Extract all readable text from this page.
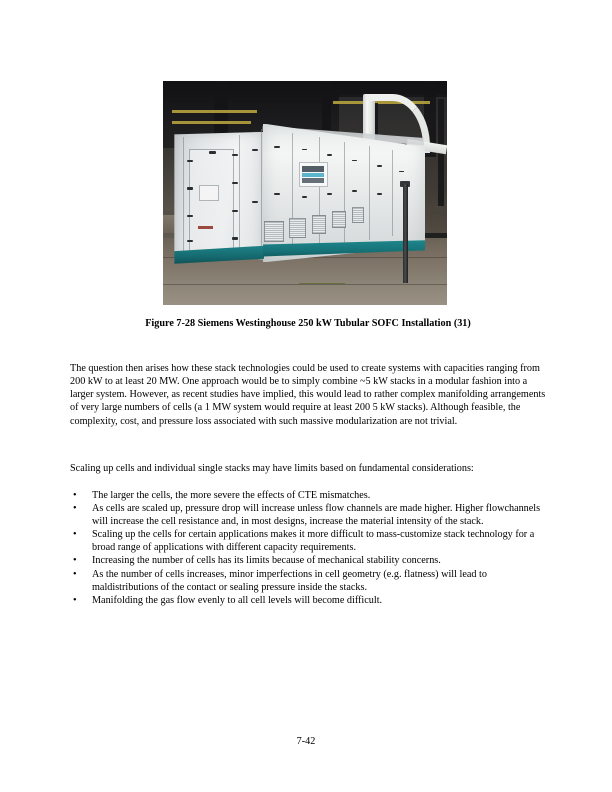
Figure 7-28 Siemens Westinghouse 250 kW Tubular SOFC Installation (31)

The question then arises how these stack technologies could be used to create systems with capacities ranging from 200 kW to at least 20 MW. One approach would be to simply combine ~5 kW stacks in a modular fashion into a larger system. However, as recent studies have implied, this would lead to rather complex manifolding arrangements of very large numbers of cells (a 1 MW system would require at least 200 5 kW stacks). Although feasible, the complexity, cost, and pressure loss associated with such massive modularization are not trivial.

Scaling up cells and individual single stacks may have limits based on fundamental considerations:

• The larger the cells, the more severe the effects of CTE mismatches.
• As cells are scaled up, pressure drop will increase unless flow channels are made higher. Higher flowchannels will increase the cell resistance and, in most designs, increase the material intensity of the stack.
• Scaling up the cells for certain applications makes it more difficult to mass-customize stack technology for a broad range of applications with different capacity requirements.
• Increasing the number of cells has its limits because of mechanical stability concerns.
• As the number of cells increases, minor imperfections in cell geometry (e.g. flatness) will lead to maldistributions of the contact or sealing pressure inside the stacks.
• Manifolding the gas flow evenly to all cell levels will become difficult.
7-42
